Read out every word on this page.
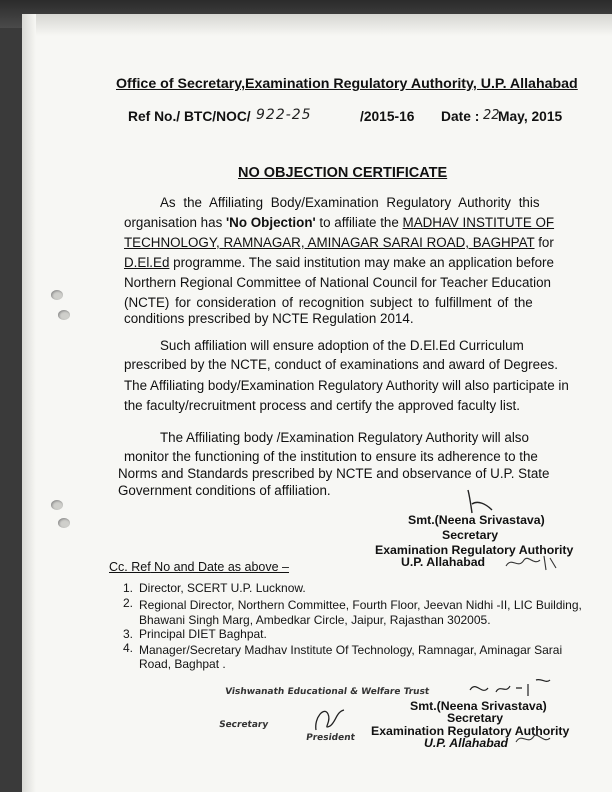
Office of Secretary,Examination Regulatory Authority, U.P. Allahabad
Ref No./ BTC/NOC/ 922-25	/2015-16 Date : 22
May, 2015
NO OBJECTION CERTIFICATE
As the Affiliating Body/Examination Regulatory Authority this
organisation has 'No Objection' to affiliate the MADHAV INSTITUTE OF
TECHNOLOGY, RAMNAGAR, AMINAGAR SARAI ROAD, BAGHPAT for
D.El.Ed programme. The said institution may make an application before
Northern Regional Committee of National Council for Teacher Education
(NCTE) for consideration of recognition subject to fulfillment of the
conditions prescribed by NCTE Regulation 2014.
Such affiliation will ensure adoption of the D.El.Ed Curriculum
prescribed by the NCTE, conduct of examinations and award of Degrees.
The Affiliating body/Examination Regulatory Authority will also participate in
the faculty/recruitment process and certify the approved faculty list.
The Affiliating body /Examination Regulatory Authority will also
monitor the functioning of the institution to ensure its adherence to the
Norms and Standards prescribed by NCTE and observance of U.P. State
Government conditions of affiliation.
Smt.(Neena Srivastava)
Secretary
Examination Regulatory Authority
U.P. Allahabad
Cc. Ref No and Date as above –
1. Director, SCERT U.P. Lucknow.
2. Regional Director, Northern Committee, Fourth Floor, Jeevan Nidhi -II, LIC Building,
Bhawani Singh Marg, Ambedkar Circle, Jaipur, Rajasthan 302005.
3. Principal DIET Baghpat.
4. Manager/Secretary Madhav Institute Of Technology, Ramnagar, Aminagar Sarai
Road, Baghpat .
Vishwanath Educational & Welfare Trust
Secretary
President
Smt.(Neena Srivastava)
Secretary
Examination Regulatory Authority
U.P. Allahabad
